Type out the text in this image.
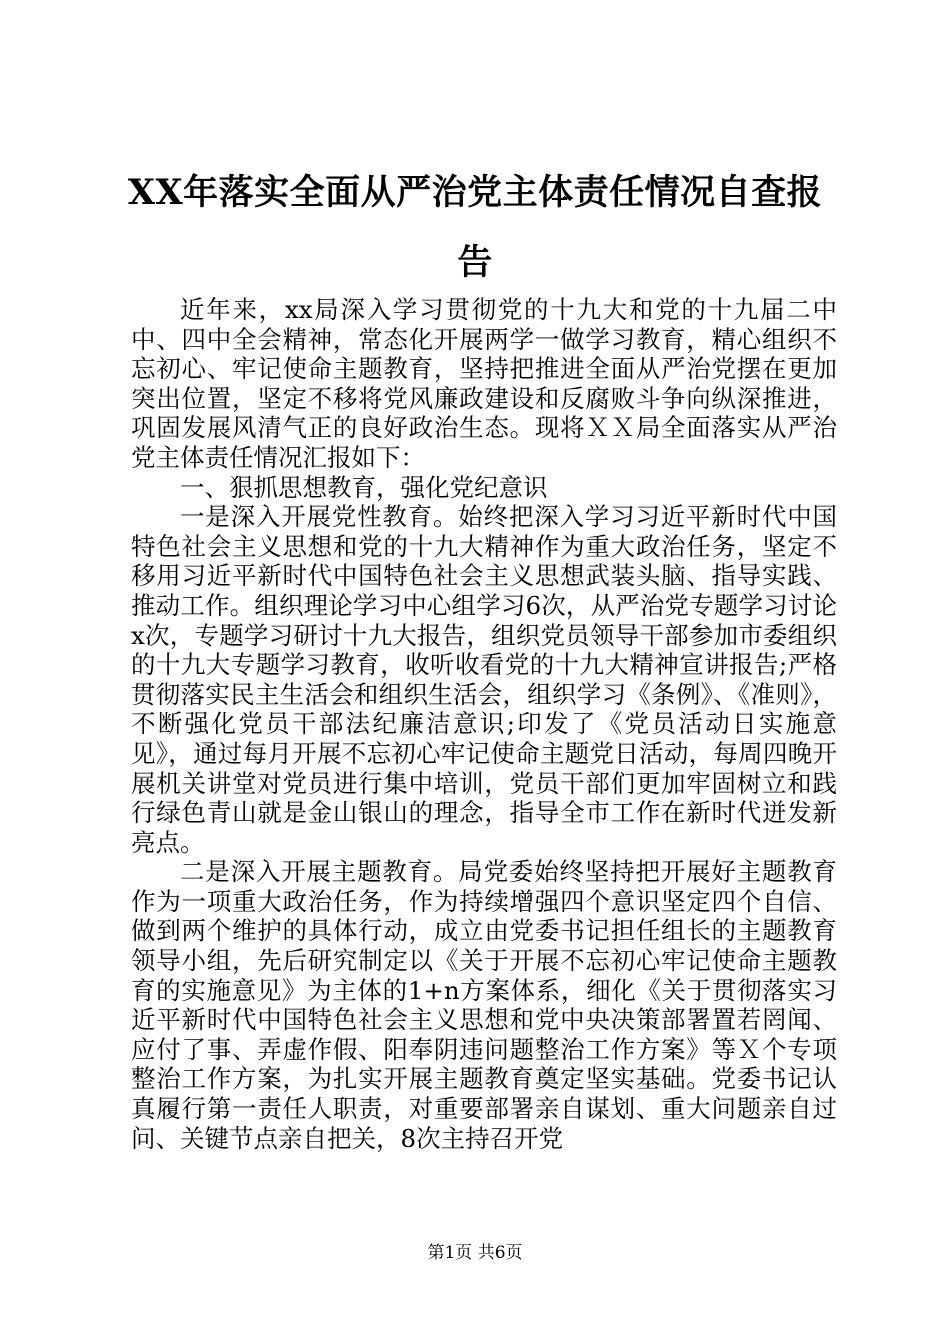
XX年落实全面从严治党主体责任情况自查报告

近年来，xx局深入学习贯彻党的十九大和党的十九届二中中、四中全会精神，常态化开展两学一做学习教育，精心组织不忘初心、牢记使命主题教育，坚持把推进全面从严治党摆在更加突出位置，坚定不移将党风廉政建设和反腐败斗争向纵深推进，巩固发展风清气正的良好政治生态。现将ＸＸ局全面落实从严治党主体责任情况汇报如下：

一、狠抓思想教育，强化党纪意识

一是深入开展党性教育。始终把深入学习习近平新时代中国特色社会主义思想和党的十九大精神作为重大政治任务，坚定不移用习近平新时代中国特色社会主义思想武装头脑、指导实践、推动工作。组织理论学习中心组学习6次，从严治党专题学习讨论x次，专题学习研讨十九大报告，组织党员领导干部参加市委组织的十九大专题学习教育，收听收看党的十九大精神宣讲报告;严格贯彻落实民主生活会和组织生活会，组织学习《条例》、《准则》，不断强化党员干部法纪廉洁意识;印发了《党员活动日实施意见》，通过每月开展不忘初心牢记使命主题党日活动，每周四晚开展机关讲堂对党员进行集中培训，党员干部们更加牢固树立和践行绿色青山就是金山银山的理念，指导全市工作在新时代迸发新亮点。

二是深入开展主题教育。局党委始终坚持把开展好主题教育作为一项重大政治任务，作为持续增强四个意识坚定四个自信、做到两个维护的具体行动，成立由党委书记担任组长的主题教育领导小组，先后研究制定以《关于开展不忘初心牢记使命主题教育的实施意见》为主体的1+n方案体系，细化《关于贯彻落实习近平新时代中国特色社会主义思想和党中央决策部署置若罔闻、应付了事、弄虚作假、阳奉阴违问题整治工作方案》等Ｘ个专项整治工作方案，为扎实开展主题教育奠定坚实基础。党委书记认真履行第一责任人职责，对重要部署亲自谋划、重大问题亲自过问、关键节点亲自把关，8次主持召开党

第1页 共6页
